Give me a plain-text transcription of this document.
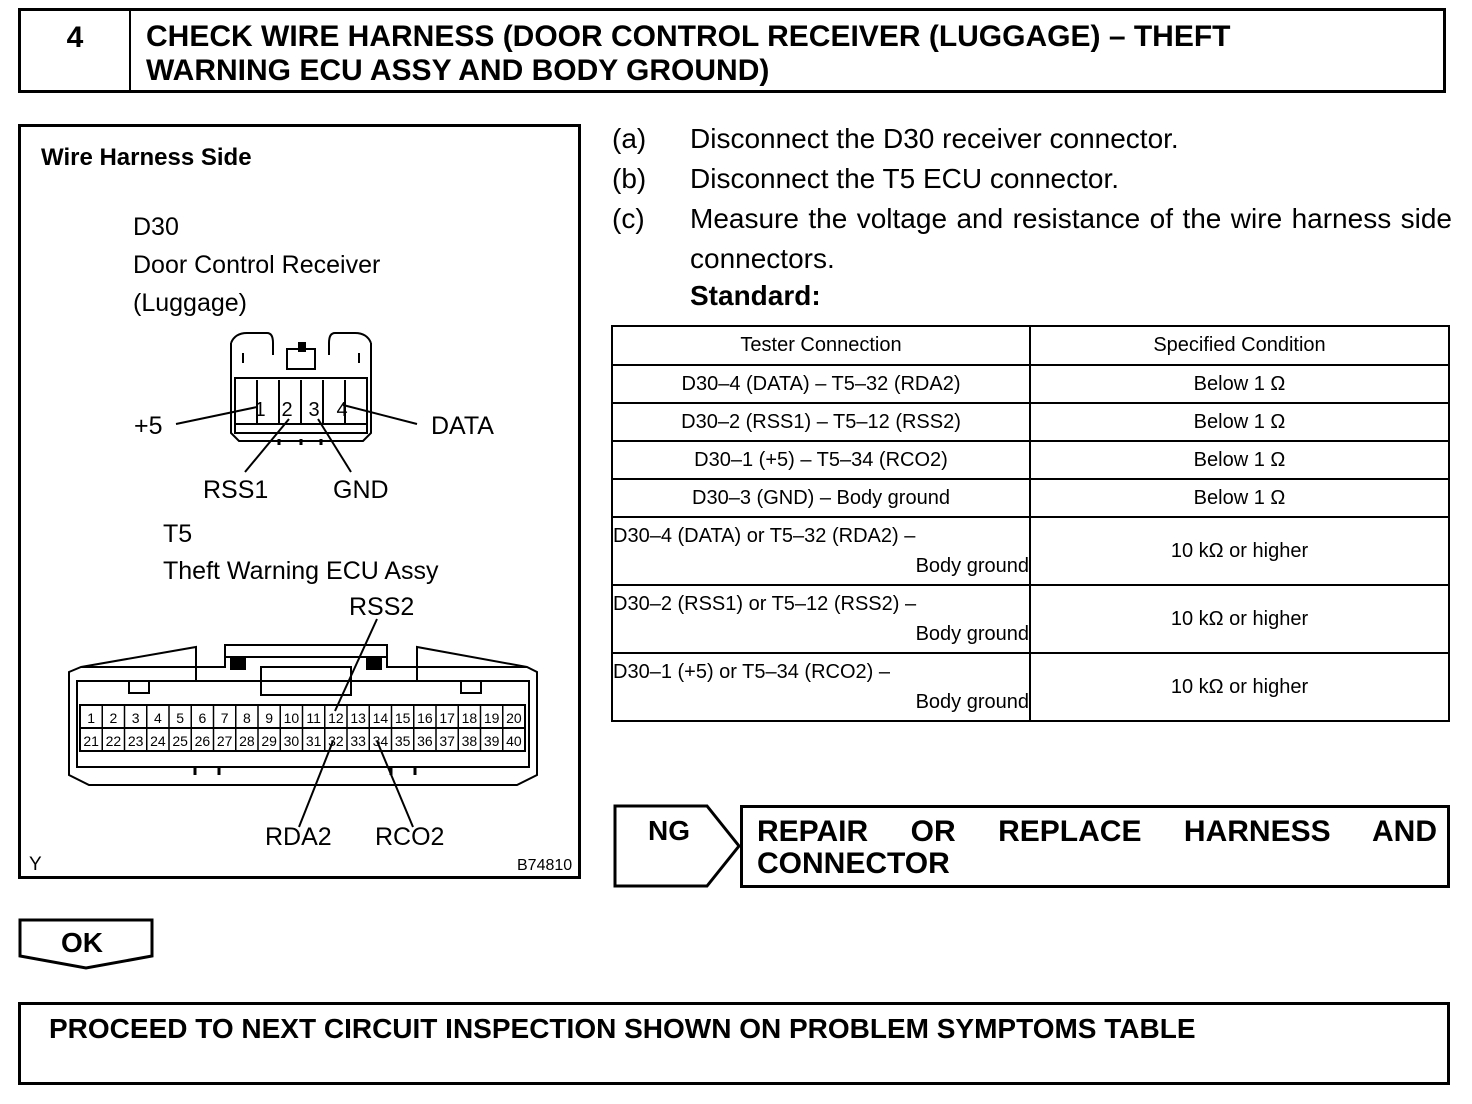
4	CHECK WIRE HARNESS (DOOR CONTROL RECEIVER (LUGGAGE) – THEFT
WARNING ECU ASSY AND BODY GROUND)
Wire Harness Side
D30
Door Control Receiver
(Luggage)
1 2 3 4
+5	DATA
RSS1	GND
T5
Theft Warning ECU Assy
RSS2
1 2 3 4 5 6 7 8 9 10 11 12 13 14 15 16 17 18 19 20
21 22 23 24 25 26 27 28 29 30 31 32 33 34 35 36 37 38 39 40
RDA2 RCO2
Y	B74810
(a)	Disconnect the D30 receiver connector.
(b)	Disconnect the T5 ECU connector.
(c)	Measure the voltage and resistance of the wire harness side connectors.
Standard:
Tester Connection	Specified Condition
D30–4 (DATA) – T5–32 (RDA2)	Below 1 Ω
D30–2 (RSS1) – T5–12 (RSS2)	Below 1 Ω
D30–1 (+5) – T5–34 (RCO2)	Below 1 Ω
D30–3 (GND) – Body ground	Below 1 Ω

D30–4 (DATA) or T5–32 (RDA2) –
Body ground	10 kΩ or higher

D30–2 (RSS1) or T5–12 (RSS2) –
Body ground	10 kΩ or higher

D30–1 (+5) or T5–34 (RCO2) –
Body ground	10 kΩ or higher
NG REPAIR OR REPLACE HARNESS AND
CONNECTOR
OK
PROCEED TO NEXT CIRCUIT INSPECTION SHOWN ON PROBLEM SYMPTOMS TABLE
